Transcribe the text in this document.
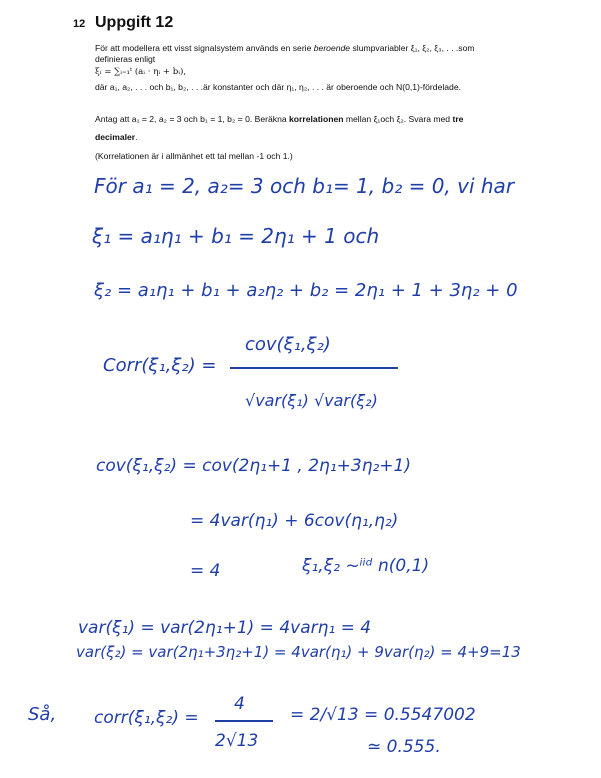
12 Uppgift 12
För att modellera ett visst signalsystem används en serie beroende slumpvariabler ξ₁, ξ₂, ξ₃, . . .som
definieras enligt
ξᵢ = ∑ᵢ₌₁ᵗ (aᵢ · ηᵢ + bᵢ),
där a₁, a₂, . . . och b₁, b₂, . . .är konstanter och där η₁, η₂, . . . är oberoende och N(0,1)-fördelade.
Antag att a₁ = 2, a₂ = 3 och b₁ = 1, b₂ = 0. Beräkna korrelationen mellan ξ₁och ξ₂. Svara med tre
decimaler.
(Korrelationen är i allmänhet ett tal mellan -1 och 1.)
För a₁ = 2, a₂= 3 och b₁= 1, b₂ = 0, vi har
ξ₁ = a₁η₁ + b₁ = 2η₁ + 1 och
ξ₂ = a₁η₁ + b₁ + a₂η₂ + b₂ = 2η₁ + 1 + 3η₂ + 0
Corr(ξ₁,ξ₂) =
cov(ξ₁,ξ₂)
√var(ξ₁) √var(ξ₂)
cov(ξ₁,ξ₂) = cov(2η₁+1 , 2η₁+3η₂+1)
= 4var(η₁) + 6cov(η₁,η₂)
= 4	ξ₁,ξ₂ ~ⁱⁱᵈ n(0,1)
var(ξ₁) = var(2η₁+1) = 4varη₁ = 4
var(ξ₂) = var(2η₁+3η₂+1) = 4var(η₁) + 9var(η₂) = 4+9=13
Så, corr(ξ₁,ξ₂) =
4
2√13
= 2/√13 = 0.5547002
≃ 0.555.
